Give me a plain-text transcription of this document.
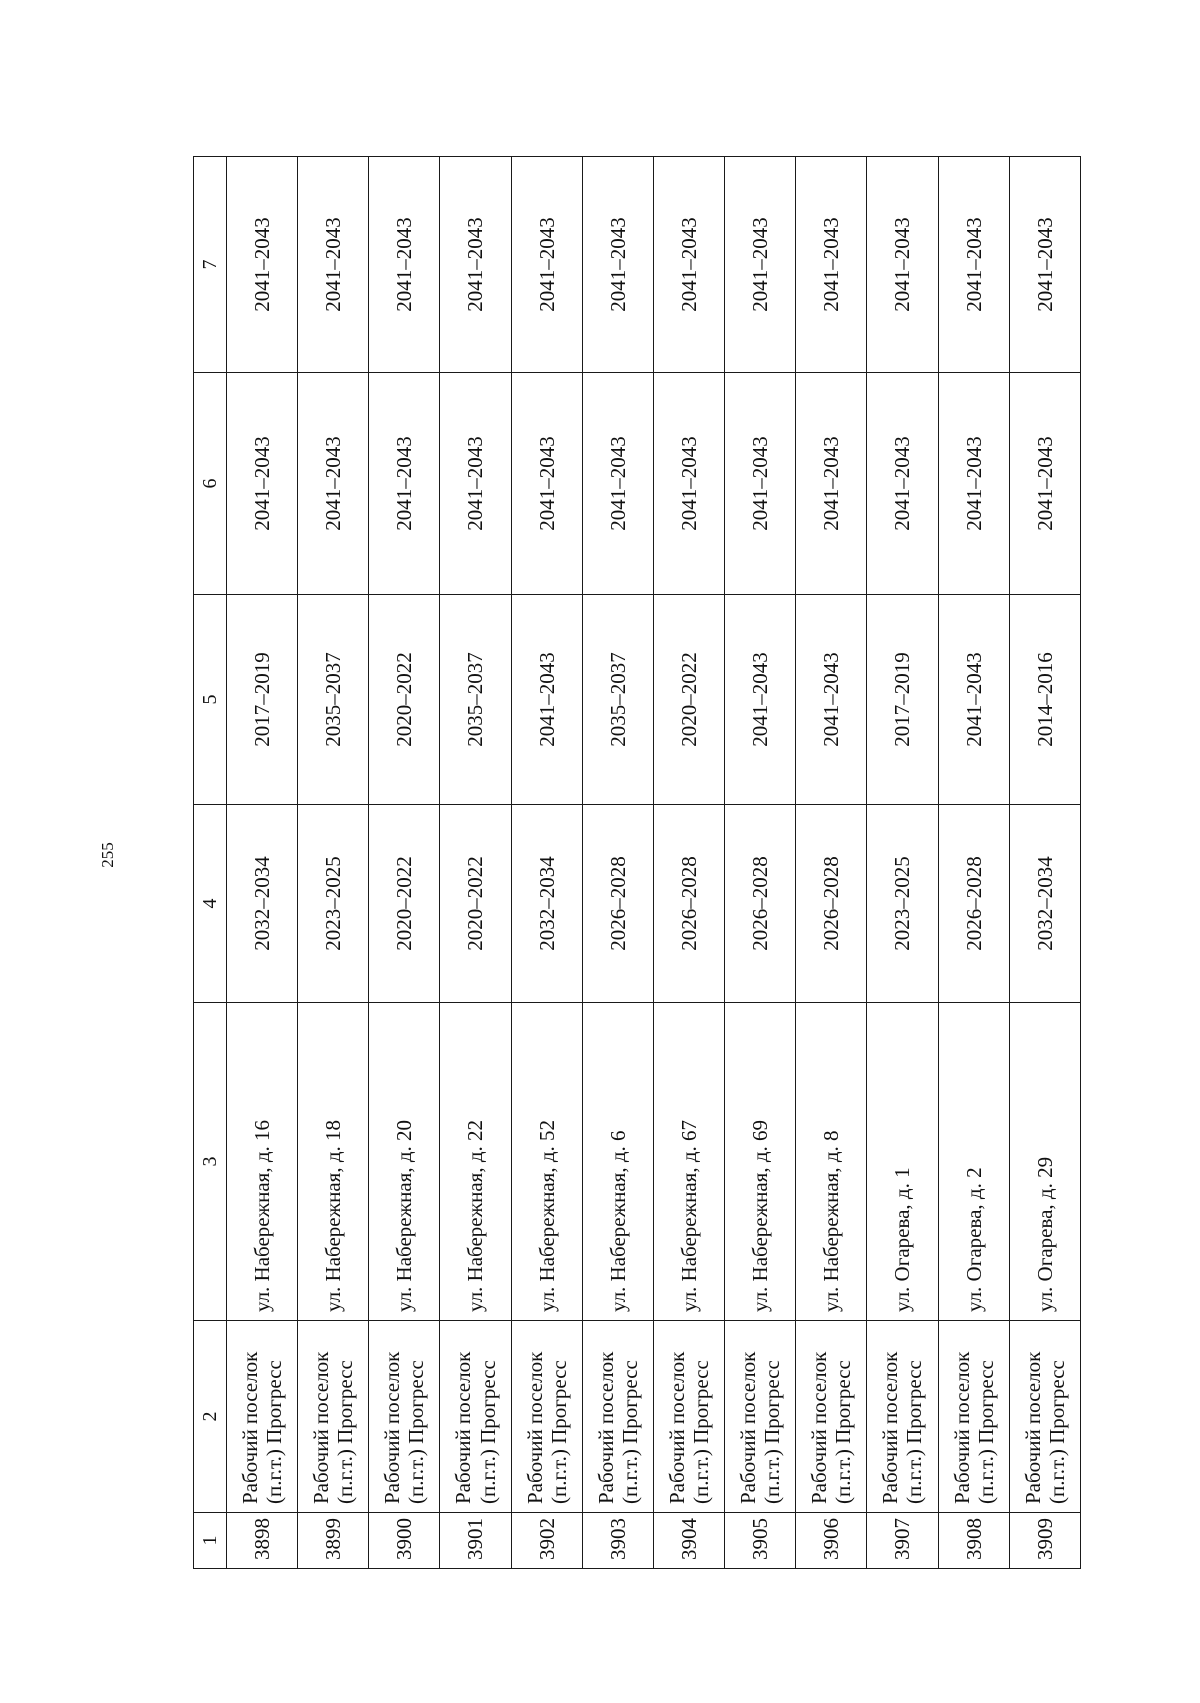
255
1	2	3	4	5	6	7
3898	Рабочий поселок (п.г.т.) Прогресс	ул. Набережная, д. 16	2032–2034	2017–2019	2041–2043	2041–2043
3899	Рабочий поселок (п.г.т.) Прогресс	ул. Набережная, д. 18	2023–2025	2035–2037	2041–2043	2041–2043
3900	Рабочий поселок (п.г.т.) Прогресс	ул. Набережная, д. 20	2020–2022	2020–2022	2041–2043	2041–2043
3901	Рабочий поселок (п.г.т.) Прогресс	ул. Набережная, д. 22	2020–2022	2035–2037	2041–2043	2041–2043
3902	Рабочий поселок (п.г.т.) Прогресс	ул. Набережная, д. 52	2032–2034	2041–2043	2041–2043	2041–2043
3903	Рабочий поселок (п.г.т.) Прогресс	ул. Набережная, д. 6	2026–2028	2035–2037	2041–2043	2041–2043
3904	Рабочий поселок (п.г.т.) Прогресс	ул. Набережная, д. 67	2026–2028	2020–2022	2041–2043	2041–2043
3905	Рабочий поселок (п.г.т.) Прогресс	ул. Набережная, д. 69	2026–2028	2041–2043	2041–2043	2041–2043
3906	Рабочий поселок (п.г.т.) Прогресс	ул. Набережная, д. 8	2026–2028	2041–2043	2041–2043	2041–2043
3907	Рабочий поселок (п.г.т.) Прогресс	ул. Огарева, д. 1	2023–2025	2017–2019	2041–2043	2041–2043
3908	Рабочий поселок (п.г.т.) Прогресс	ул. Огарева, д. 2	2026–2028	2041–2043	2041–2043	2041–2043
3909	Рабочий поселок (п.г.т.) Прогресс	ул. Огарева, д. 29	2032–2034	2014–2016	2041–2043	2041–2043
